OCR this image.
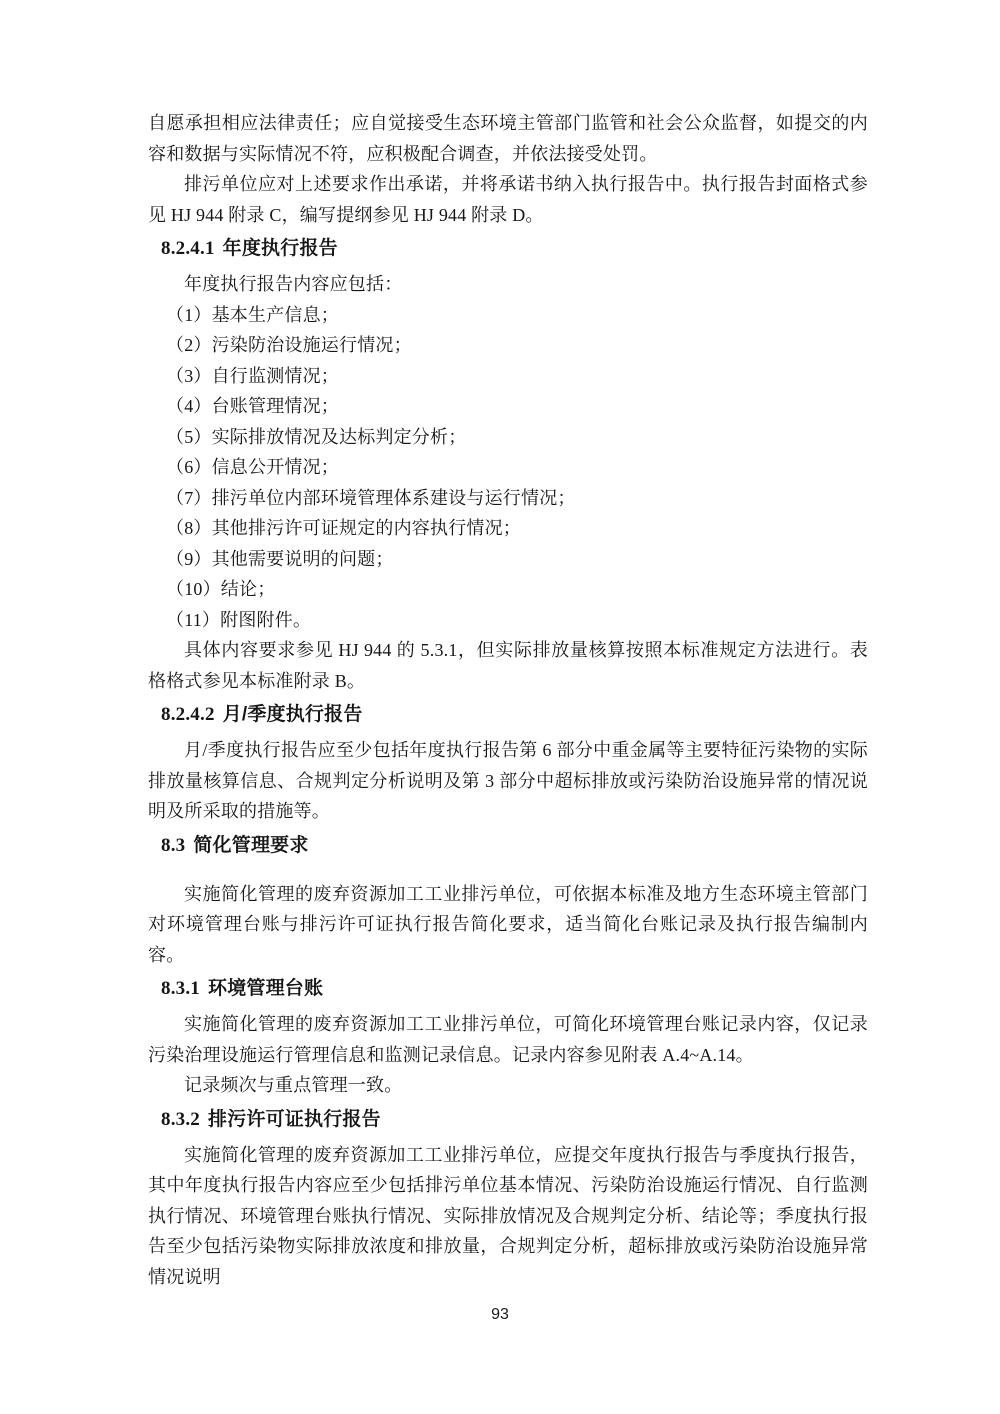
自愿承担相应法律责任；应自觉接受生态环境主管部门监管和社会公众监督，如提交的内容和数据与实际情况不符，应积极配合调查，并依法接受处罚。

排污单位应对上述要求作出承诺，并将承诺书纳入执行报告中。执行报告封面格式参见 HJ 944 附录 C，编写提纲参见 HJ 944 附录 D。

8.2.4.1 年度执行报告

年度执行报告内容应包括：

（1）基本生产信息；

（2）污染防治设施运行情况；

（3）自行监测情况；

（4）台账管理情况；

（5）实际排放情况及达标判定分析；

（6）信息公开情况；

（7）排污单位内部环境管理体系建设与运行情况；

（8）其他排污许可证规定的内容执行情况；

（9）其他需要说明的问题；

（10）结论；

（11）附图附件。

具体内容要求参见 HJ 944 的 5.3.1，但实际排放量核算按照本标准规定方法进行。表格格式参见本标准附录 B。

8.2.4.2 月/季度执行报告

月/季度执行报告应至少包括年度执行报告第 6 部分中重金属等主要特征污染物的实际排放量核算信息、合规判定分析说明及第 3 部分中超标排放或污染防治设施异常的情况说明及所采取的措施等。

8.3 简化管理要求

实施简化管理的废弃资源加工工业排污单位，可依据本标准及地方生态环境主管部门对环境管理台账与排污许可证执行报告简化要求，适当简化台账记录及执行报告编制内容。

8.3.1 环境管理台账

实施简化管理的废弃资源加工工业排污单位，可简化环境管理台账记录内容，仅记录污染治理设施运行管理信息和监测记录信息。记录内容参见附表 A.4~A.14。

记录频次与重点管理一致。

8.3.2 排污许可证执行报告

实施简化管理的废弃资源加工工业排污单位，应提交年度执行报告与季度执行报告，其中年度执行报告内容应至少包括排污单位基本情况、污染防治设施运行情况、自行监测执行情况、环境管理台账执行情况、实际排放情况及合规判定分析、结论等；季度执行报告至少包括污染物实际排放浓度和排放量，合规判定分析，超标排放或污染防治设施异常情况说明

93
